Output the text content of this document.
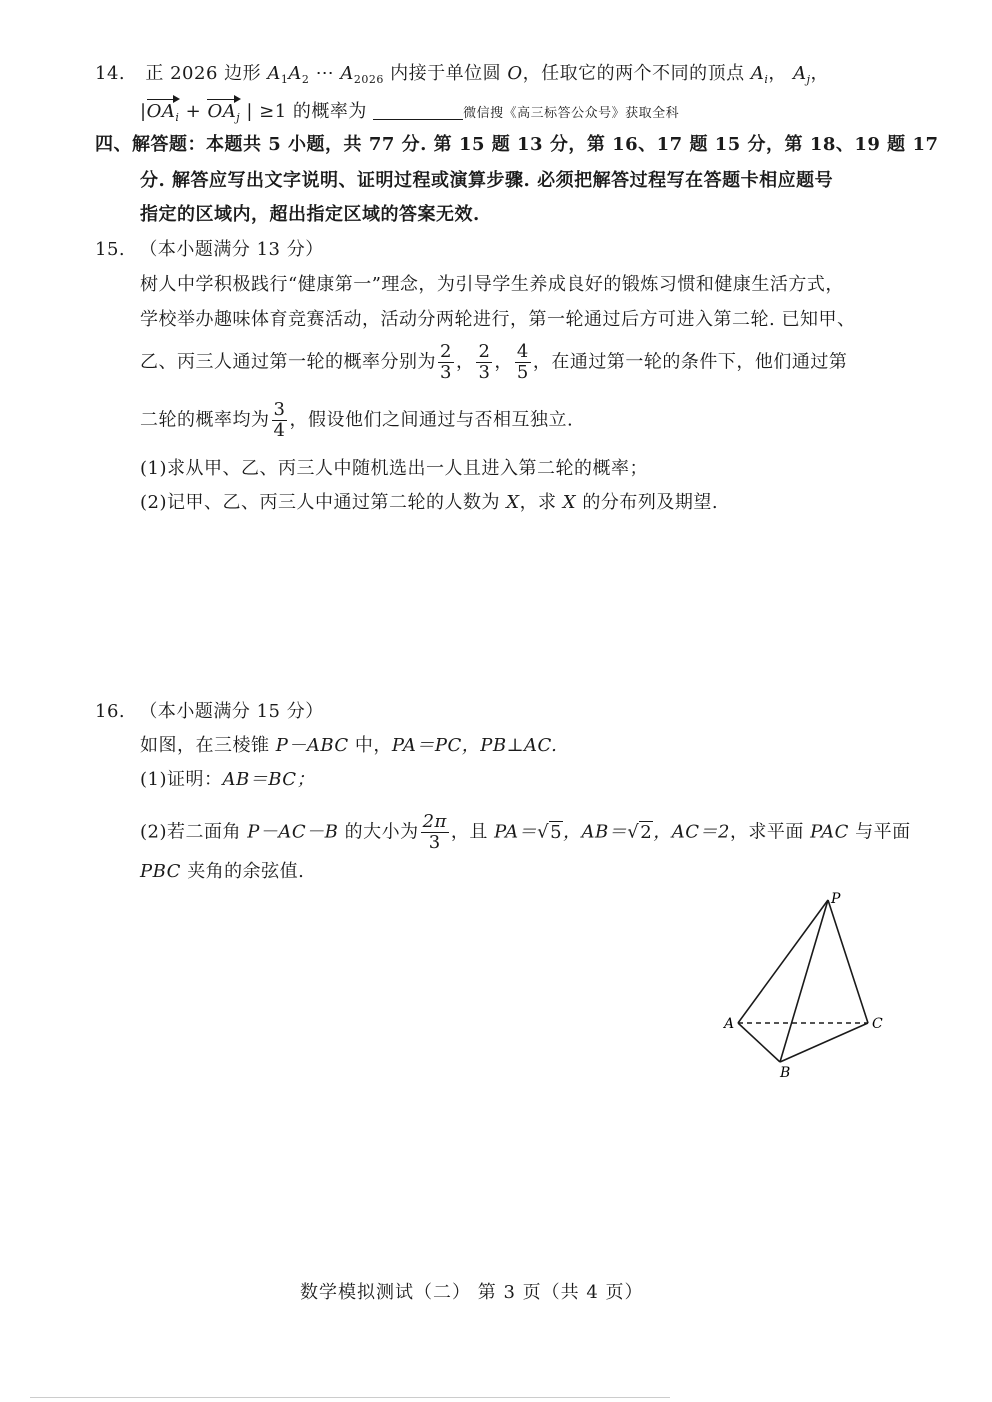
14. 正 2026 边形 $A_1A_2$ ⋯ $A_{2026}$ 内接于单位圆 O，任取它的两个不同的顶点 $A_i$， $A_j$，
$|OA_i + OA_j$ | ≥1 的概率为	微信搜《高三标答公众号》获取全科
四、解答题：本题共 5 小题，共 77 分. 第 15 题 13 分，第 16、17 题 15 分，第 18、19 题 17
分. 解答应写出文字说明、证明过程或演算步骤. 必须把解答过程写在答题卡相应题号
指定的区域内，超出指定区域的答案无效.
15. （本小题满分 13 分）
树人中学积极践行“健康第一”理念，为引导学生养成良好的锻炼习惯和健康生活方式，
学校举办趣味体育竞赛活动，活动分两轮进行，第一轮通过后方可进入第二轮. 已知甲、
乙、丙三人通过第一轮的概率分别为 $\frac{2}{3}$ ， $\frac{2}{3}$ ， $\frac{4}{5}$ ，在通过第一轮的条件下，他们通过第
二轮的概率均为 $\frac{3}{4}$ ，假设他们之间通过与否相互独立.
(1)求从甲、乙、丙三人中随机选出一人且进入第二轮的概率；
(2)记甲、乙、丙三人中通过第二轮的人数为 X，求 X 的分布列及期望.
16. （本小题满分 15 分）
如图，在三棱锥 P－ABC 中，PA＝PC，PB⊥AC.
(1)证明：AB＝BC；
(2)若二面角 P－AC－B 的大小为 $\frac{2\pi}{3}$ ，且 PA＝√5，AB＝√2，AC＝2，求平面 PAC 与平面
PBC 夹角的余弦值.
P
A
B
C
数学模拟测试（二） 第 3 页（共 4 页）
